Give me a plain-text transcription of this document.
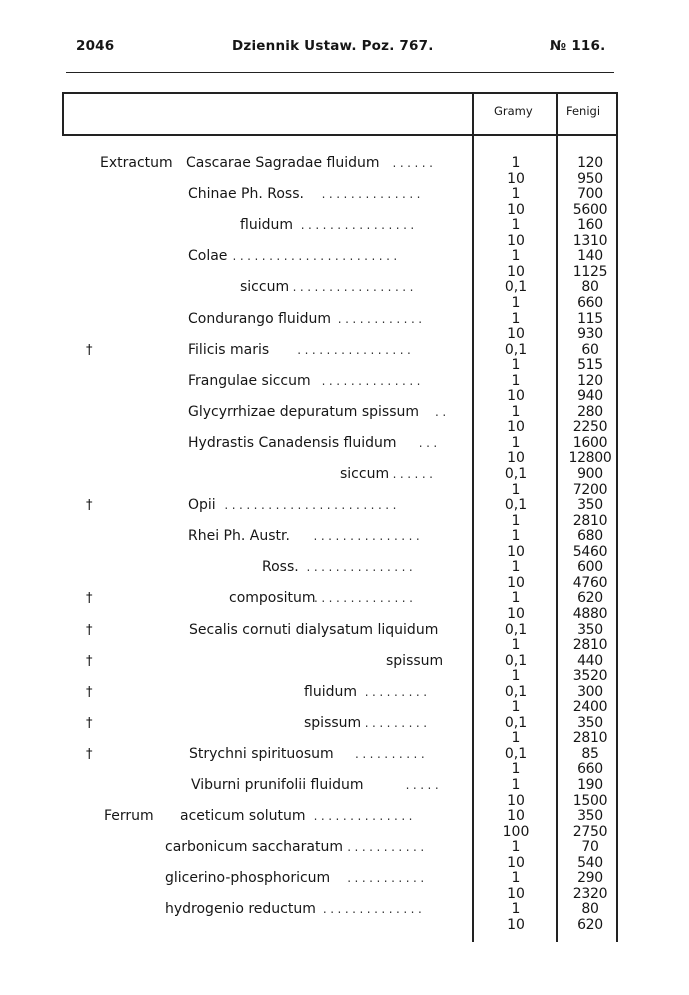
2046	Dziennik Ustaw. Poz. 767.	№ 116.
Gramy	Fenigi
Extractum	......
Cascarae Sagradae fluidum	1	120
10	950
..............
Chinae Ph. Ross.	1	700
10	5600
................
fluidum	1	160
10	1310
.......................
Colae	1	140
10	1125
.................
siccum	0,1	80
1	660
............
Condurango fluidum	1	115
10	930
†	................
Filicis maris	0,1	60
1	515
..............
Frangulae siccum	1	120
10	940
..
Glycyrrhizae depuratum spissum	1	280
10	2250
...
Hydrastis Canadensis fluidum	1	1600
10	12800
......
siccum	0,1	900
1	7200
†	........................
Opii	0,1	350
1	2810
...............
Rhei Ph. Austr.	1	680
10	5460
...............
Ross.	1	600
10	4760
†	..............
compositum	1	620
10	4880
†	Secalis cornuti dialysatum liquidum	0,1	350
1	2810
†	spissum	0,1	440
1	3520
†	.........
fluidum	0,1	300
1	2400
†	.........
spissum	0,1	350
1	2810
†	..........
Strychni spirituosum	0,1	85
1	660
.....
Viburni prunifolii fluidum	1	190
10	1500
Ferrum	..............
aceticum solutum	10	350
100	2750
...........
carbonicum saccharatum	1	70
10	540
...........
glicerino-phosphoricum	1	290
10	2320
..............
hydrogenio reductum	1	80
10	620
